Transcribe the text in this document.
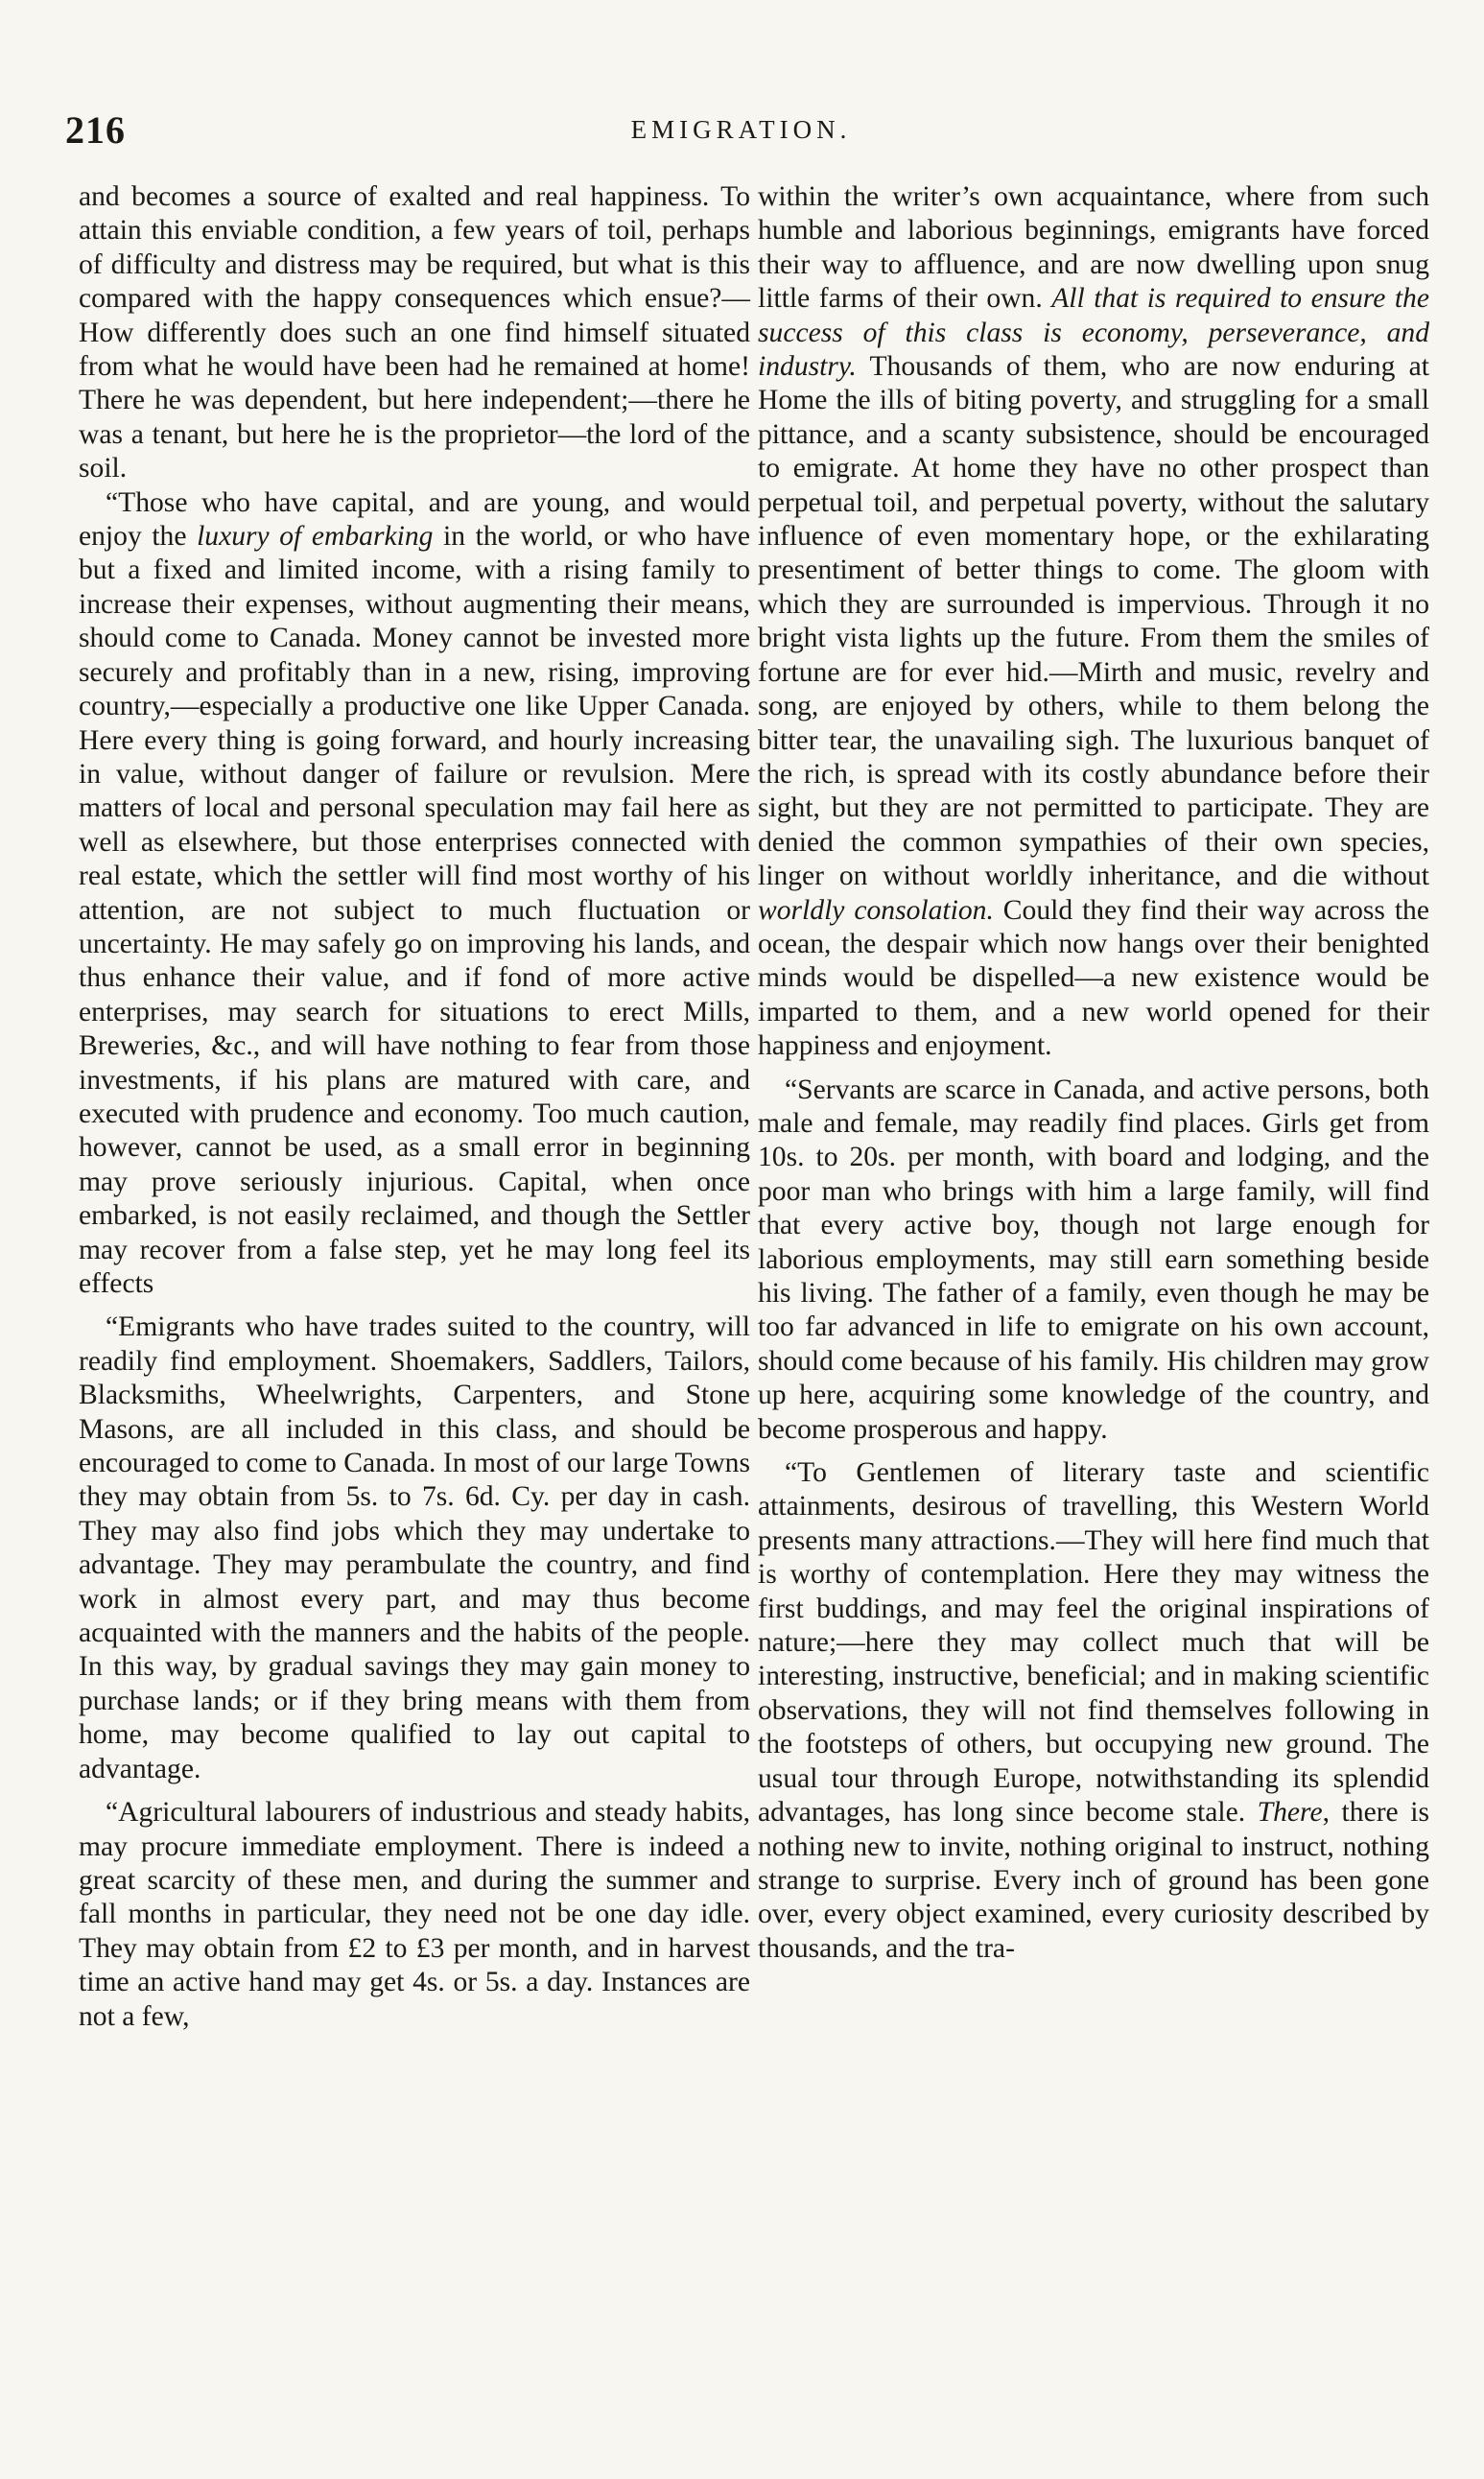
216	EMIGRATION.

and becomes a source of exalted and real happiness. To attain this enviable condition, a few years of toil, perhaps of difficulty and distress may be required, but what is this compared with the happy consequences which ensue?—How differently does such an one find himself situated from what he would have been had he remained at home! There he was dependent, but here independent;—there he was a tenant, but here he is the proprietor—the lord of the soil.

“Those who have capital, and are young, and would enjoy the luxury of embarking in the world, or who have but a fixed and limited income, with a rising family to increase their expenses, without augmenting their means, should come to Canada. Money cannot be invested more securely and profitably than in a new, rising, improving country,—especially a productive one like Upper Canada. Here every thing is going forward, and hourly increasing in value, without danger of failure or revulsion. Mere matters of local and personal speculation may fail here as well as elsewhere, but those enterprises connected with real estate, which the settler will find most worthy of his attention, are not subject to much fluctuation or uncertainty. He may safely go on improving his lands, and thus enhance their value, and if fond of more active enterprises, may search for situations to erect Mills, Breweries, &c., and will have nothing to fear from those investments, if his plans are matured with care, and executed with prudence and economy. Too much caution, however, cannot be used, as a small error in beginning may prove seriously injurious. Capital, when once embarked, is not easily reclaimed, and though the Settler may recover from a false step, yet he may long feel its effects

“Emigrants who have trades suited to the country, will readily find employment. Shoemakers, Saddlers, Tailors, Blacksmiths, Wheelwrights, Carpenters, and Stone Masons, are all included in this class, and should be encouraged to come to Canada. In most of our large Towns they may obtain from 5s. to 7s. 6d. Cy. per day in cash. They may also find jobs which they may undertake to advantage. They may perambulate the country, and find work in almost every part, and may thus become acquainted with the manners and the habits of the people. In this way, by gradual savings they may gain money to purchase lands; or if they bring means with them from home, may become qualified to lay out capital to advantage.

“Agricultural labourers of industrious and steady habits, may procure immediate employment. There is indeed a great scarcity of these men, and during the summer and fall months in particular, they need not be one day idle. They may obtain from £2 to £3 per month, and in harvest time an active hand may get 4s. or 5s. a day. Instances are not a few,

within the writer’s own acquaintance, where from such humble and laborious beginnings, emigrants have forced their way to affluence, and are now dwelling upon snug little farms of their own. All that is required to ensure the success of this class is economy, perseverance, and industry. Thousands of them, who are now enduring at Home the ills of biting poverty, and struggling for a small pittance, and a scanty subsistence, should be encouraged to emigrate. At home they have no other prospect than perpetual toil, and perpetual poverty, without the salutary influence of even momentary hope, or the exhilarating presentiment of better things to come. The gloom with which they are surrounded is impervious. Through it no bright vista lights up the future. From them the smiles of fortune are for ever hid.—Mirth and music, revelry and song, are enjoyed by others, while to them belong the bitter tear, the unavailing sigh. The luxurious banquet of the rich, is spread with its costly abundance before their sight, but they are not permitted to participate. They are denied the common sympathies of their own species, linger on without worldly inheritance, and die without worldly consolation. Could they find their way across the ocean, the despair which now hangs over their benighted minds would be dispelled—a new existence would be imparted to them, and a new world opened for their happiness and enjoyment.

“Servants are scarce in Canada, and active persons, both male and female, may readily find places. Girls get from 10s. to 20s. per month, with board and lodging, and the poor man who brings with him a large family, will find that every active boy, though not large enough for laborious employments, may still earn something beside his living. The father of a family, even though he may be too far advanced in life to emigrate on his own account, should come because of his family. His children may grow up here, acquiring some knowledge of the country, and become prosperous and happy.

“To Gentlemen of literary taste and scientific attainments, desirous of travelling, this Western World presents many attractions.—They will here find much that is worthy of contemplation. Here they may witness the first buddings, and may feel the original inspirations of nature;—here they may collect much that will be interesting, instructive, beneficial; and in making scientific observations, they will not find themselves following in the footsteps of others, but occupying new ground. The usual tour through Europe, notwithstanding its splendid advantages, has long since become stale. There, there is nothing new to invite, nothing original to instruct, nothing strange to surprise. Every inch of ground has been gone over, every object examined, every curiosity described by thousands, and the tra-
